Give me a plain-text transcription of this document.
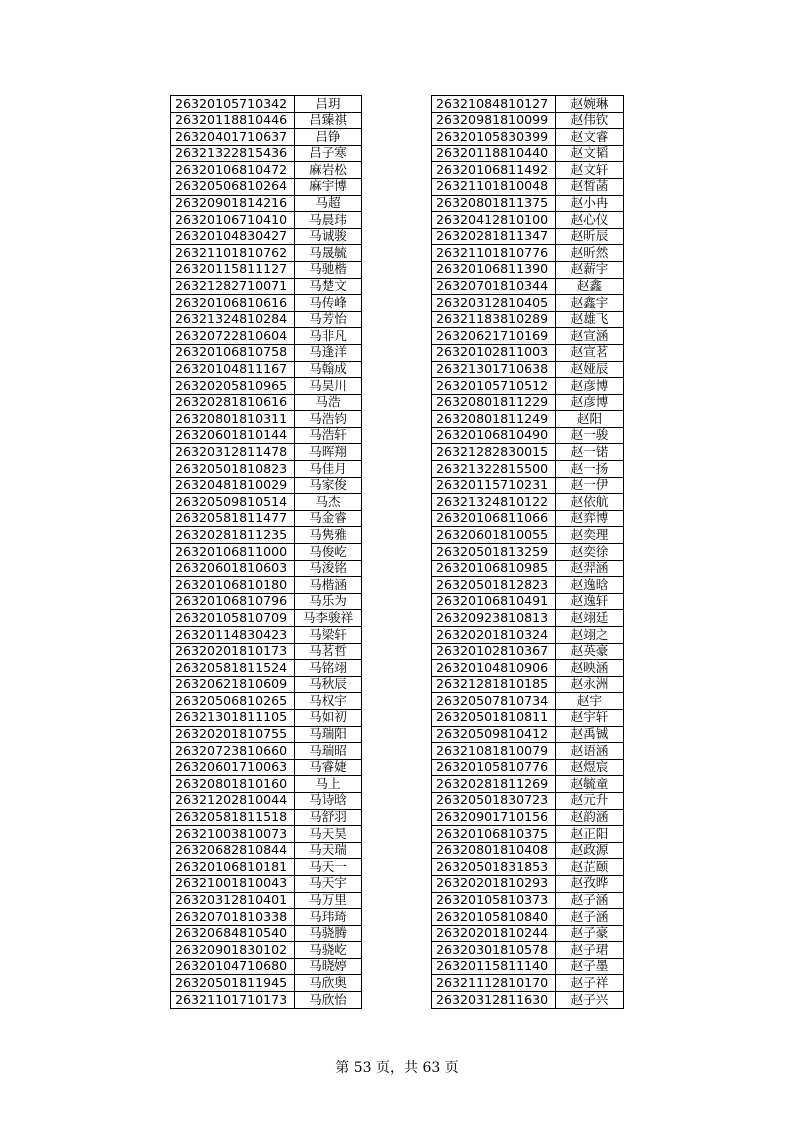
26320105710342	吕玥
26320118810446	吕臻祺
26320401710637	吕铮
26321322815436	吕子寒
26320106810472	麻岩松
26320506810264	麻宇博
26320901814216	马超
26320106710410	马晨玮
26320104830427	马诚骏
26321101810762	马晟毓
26320115811127	马驰楷
26321282710071	马楚文
26320106810616	马传峰
26321324810284	马芳怡
26320722810604	马非凡
26320106810758	马逢洋
26320104811167	马翰成
26320205810965	马昊川
26320281810616	马浩
26320801810311	马浩钧
26320601810144	马浩轩
26320312811478	马晖翔
26320501810823	马佳月
26320481810029	马家俊
26320509810514	马杰
26320581811477	马金睿
26320281811235	马隽雅
26320106811000	马俊屹
26320601810603	马浚铭
26320106810180	马楷涵
26320106810796	马乐为
26320105810709	马李骏祥
26320114830423	马梁轩
26320201810173	马茗哲
26320581811524	马铭翊
26320621810609	马秋辰
26320506810265	马权宇
26321301811105	马如初
26320201810755	马瑞阳
26320723810660	马瑞昭
26320601710063	马睿婕
26320801810160	马上
26321202810044	马诗晗
26320581811518	马舒羽
26321003810073	马天昊
26320682810844	马天瑞
26320106810181	马天一
26321001810043	马天宇
26320312810401	马万里
26320701810338	马玮琦
26320684810540	马骁腾
26320901830102	马骁屹
26320104710680	马晓婷
26320501811945	马欣奥
26321101710173	马欣怡
26321084810127	赵婉琳
26320981810099	赵伟钦
26320105830399	赵文睿
26320118810440	赵文韬
26320106811492	赵文轩
26321101810048	赵皙菡
26320801811375	赵小冉
26320412810100	赵心仪
26320281811347	赵昕辰
26321101810776	赵昕然
26320106811390	赵薪宇
26320701810344	赵鑫
26320312810405	赵鑫宇
26321183810289	赵雄飞
26320621710169	赵宣涵
26320102811003	赵宣茗
26321301710638	赵娅辰
26320105710512	赵彦博
26320801811229	赵彦博
26320801811249	赵阳
26320106810490	赵一骏
26321282830015	赵一锘
26321322815500	赵一扬
26320115710231	赵一伊
26321324810122	赵依航
26320106811066	赵弈博
26320601810055	赵奕理
26320501813259	赵奕徐
26320106810985	赵羿涵
26320501812823	赵逸晗
26320106810491	赵逸轩
26320923810813	赵翊廷
26320201810324	赵翊之
26320102810367	赵英豪
26320104810906	赵映涵
26321281810185	赵永洲
26320507810734	赵宇
26320501810811	赵宇轩
26320509810412	赵禹铖
26321081810079	赵语涵
26320105810776	赵煜宸
26320281811269	赵毓童
26320501830723	赵元升
26320901710156	赵韵涵
26320106810375	赵正阳
26320801810408	赵政源
26320501831853	赵芷颐
26320201810293	赵孜晔
26320105810373	赵子涵
26320105810840	赵子涵
26320201810244	赵子豪
26320301810578	赵子珺
26320115811140	赵子墨
26321112810170	赵子祥
26320312811630	赵子兴
第 53 页，共 63 页
